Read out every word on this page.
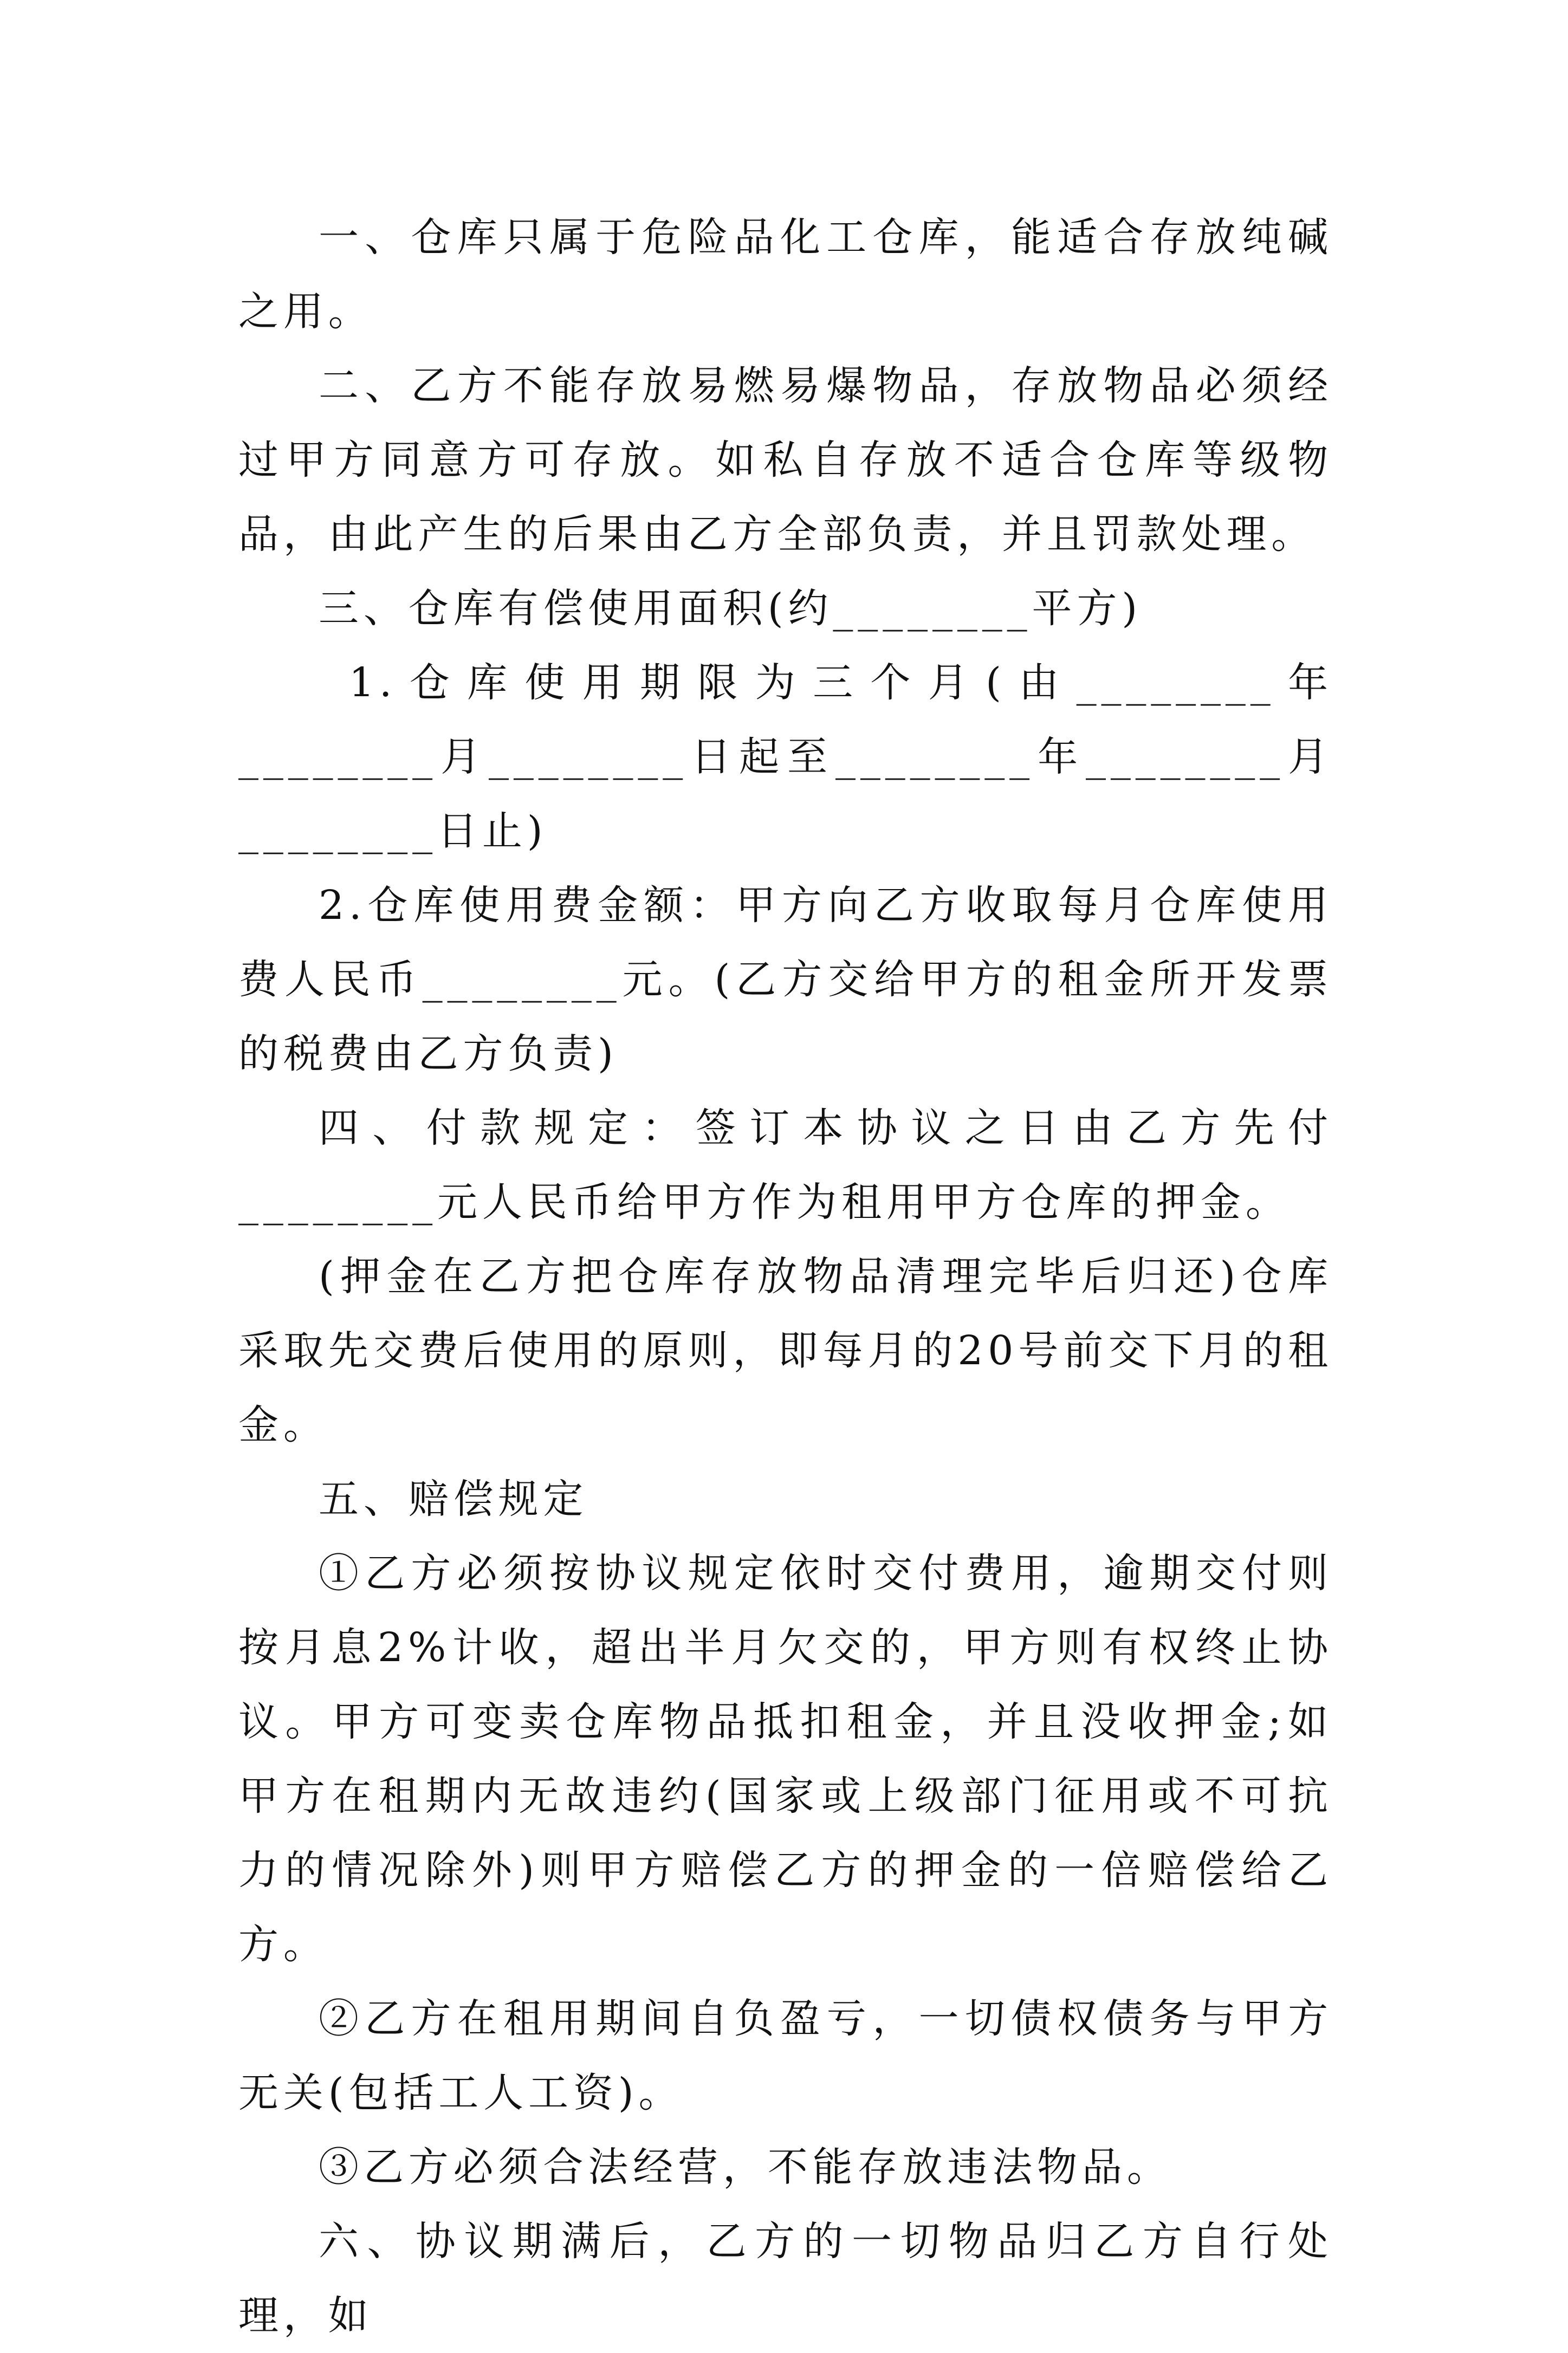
一、仓库只属于危险品化工仓库，能适合存放纯碱之用。

二、乙方不能存放易燃易爆物品，存放物品必须经过甲方同意方可存放。如私自存放不适合仓库等级物品，由此产生的后果由乙方全部负责，并且罚款处理。

三、仓库有偿使用面积(约________平方)

1.仓库使用期限为三个月(由________年________月________日起至________年________月________日止)

2.仓库使用费金额：甲方向乙方收取每月仓库使用费人民币________元。(乙方交给甲方的租金所开发票的税费由乙方负责)

四、付款规定：签订本协议之日由乙方先付________元人民币给甲方作为租用甲方仓库的押金。

(押金在乙方把仓库存放物品清理完毕后归还)仓库采取先交费后使用的原则，即每月的20号前交下月的租金。

五、赔偿规定

①乙方必须按协议规定依时交付费用，逾期交付则按月息2%计收，超出半月欠交的，甲方则有权终止协议。甲方可变卖仓库物品抵扣租金，并且没收押金;如甲方在租期内无故违约(国家或上级部门征用或不可抗力的情况除外)则甲方赔偿乙方的押金的一倍赔偿给乙方。

②乙方在租用期间自负盈亏，一切债权债务与甲方无关(包括工人工资)。

③乙方必须合法经营，不能存放违法物品。

六、协议期满后，乙方的一切物品归乙方自行处理，如
